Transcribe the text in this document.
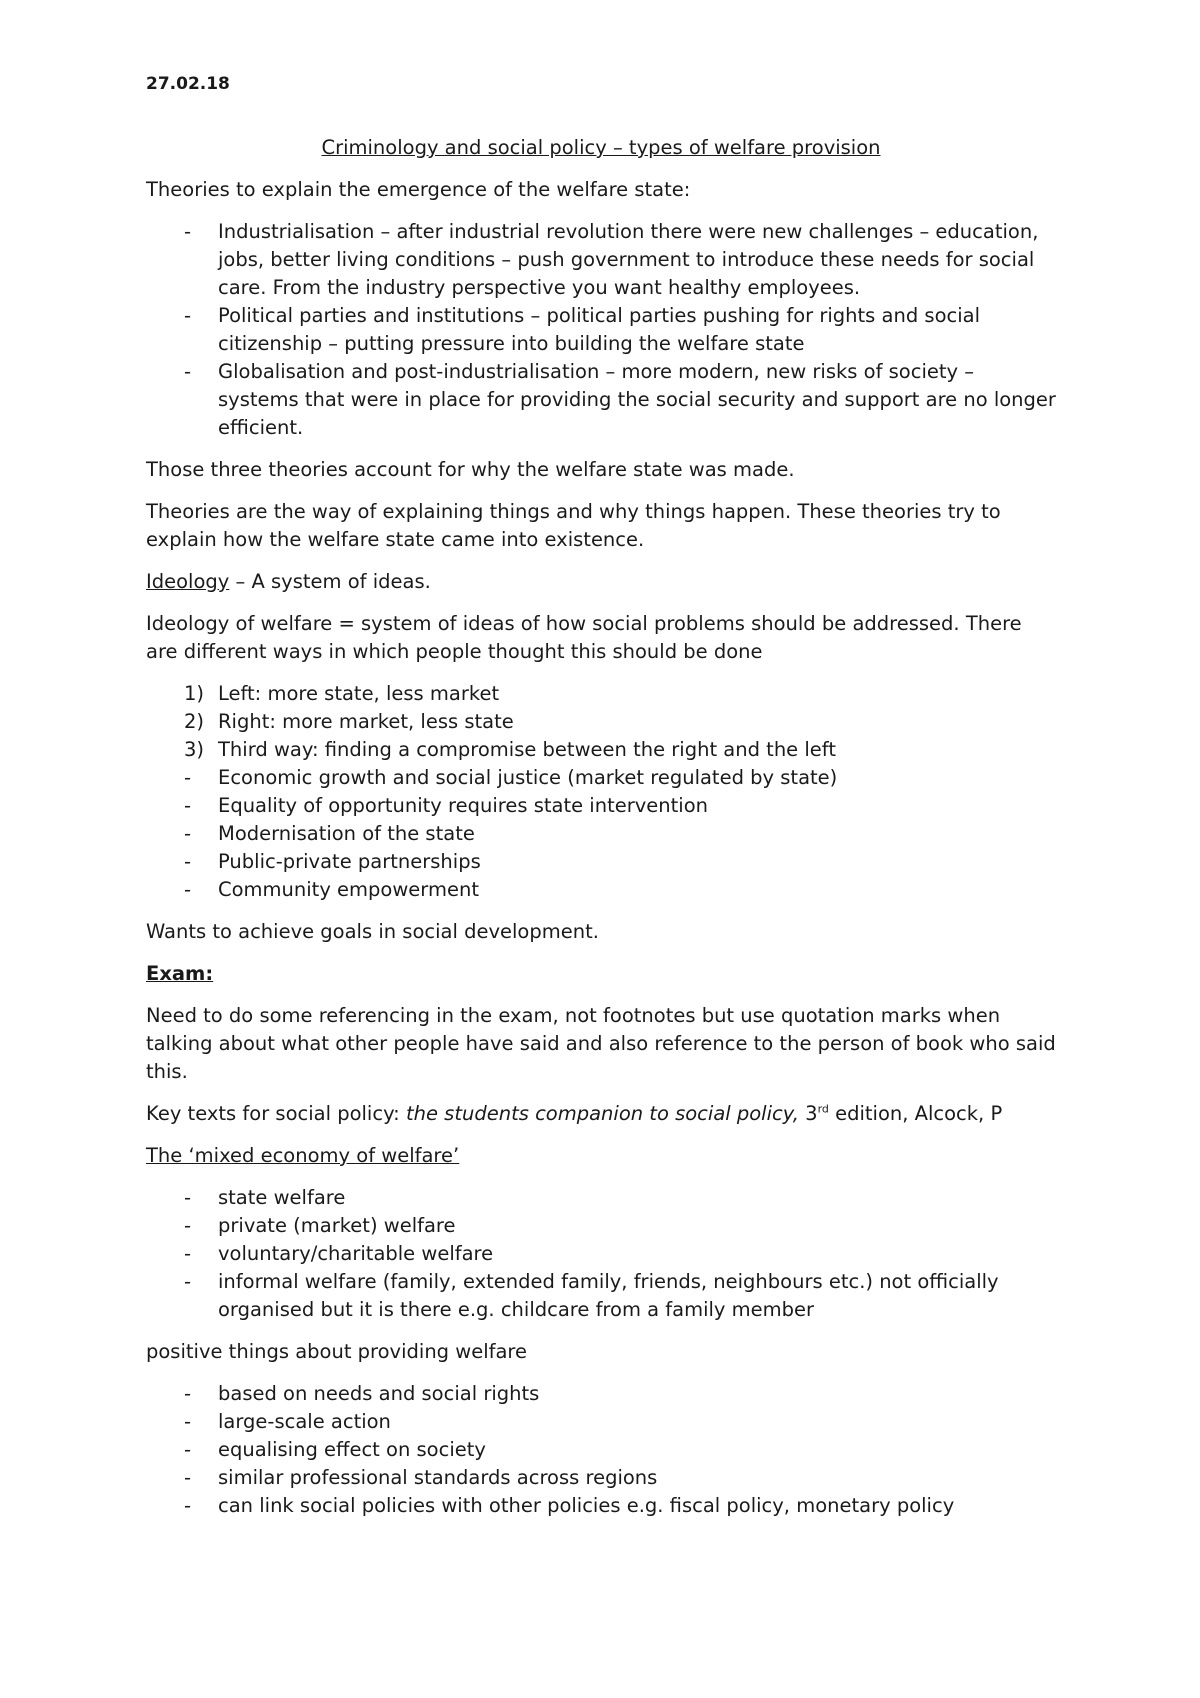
27.02.18
Criminology and social policy – types of welfare provision

Theories to explain the emergence of the welfare state:

- Industrialisation – after industrial revolution there were new challenges – education, jobs, better living conditions – push government to introduce these needs for social care. From the industry perspective you want healthy employees.
- Political parties and institutions – political parties pushing for rights and social citizenship – putting pressure into building the welfare state
- Globalisation and post-industrialisation – more modern, new risks of society – systems that were in place for providing the social security and support are no longer efficient.

Those three theories account for why the welfare state was made.

Theories are the way of explaining things and why things happen. These theories try to explain how the welfare state came into existence.

Ideology – A system of ideas.

Ideology of welfare = system of ideas of how social problems should be addressed. There are different ways in which people thought this should be done

1) Left: more state, less market
2) Right: more market, less state
3) Third way: finding a compromise between the right and the left
- Economic growth and social justice (market regulated by state)
- Equality of opportunity requires state intervention
- Modernisation of the state
- Public-private partnerships
- Community empowerment

Wants to achieve goals in social development.

Exam:

Need to do some referencing in the exam, not footnotes but use quotation marks when talking about what other people have said and also reference to the person of book who said this.

Key texts for social policy: the students companion to social policy, 3rd edition, Alcock, P

The ‘mixed economy of welfare’

- state welfare
- private (market) welfare
- voluntary/charitable welfare
- informal welfare (family, extended family, friends, neighbours etc.) not officially organised but it is there e.g. childcare from a family member

positive things about providing welfare

- based on needs and social rights
- large-scale action
- equalising effect on society
- similar professional standards across regions
- can link social policies with other policies e.g. fiscal policy, monetary policy
